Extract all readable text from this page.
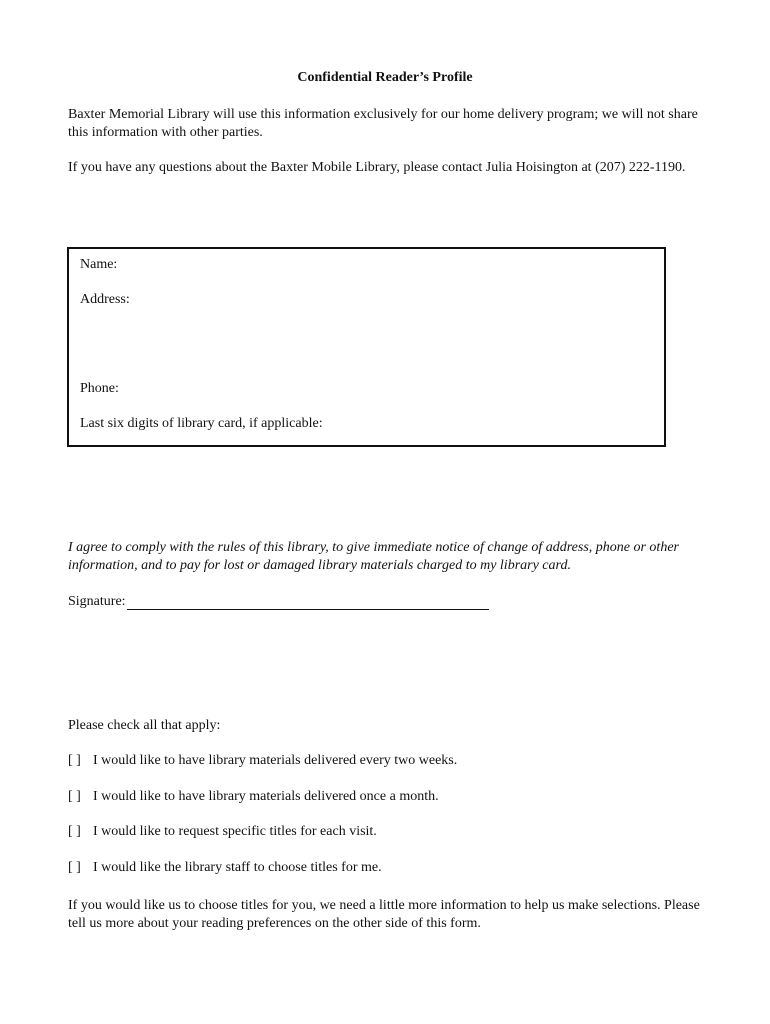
Confidential Reader’s Profile
Baxter Memorial Library will use this information exclusively for our home delivery program; we will not share this information with other parties.
If you have any questions about the Baxter Mobile Library, please contact Julia Hoisington at (207) 222-1190.
Name:
Address:
Phone:
Last six digits of library card, if applicable:
I agree to comply with the rules of this library, to give immediate notice of change of address, phone or other information, and to pay for lost or damaged library materials charged to my library card.
Signature:
Please check all that apply:
[ ] I would like to have library materials delivered every two weeks.
[ ] I would like to have library materials delivered once a month.
[ ] I would like to request specific titles for each visit.
[ ] I would like the library staff to choose titles for me.
If you would like us to choose titles for you, we need a little more information to help us make selections. Please tell us more about your reading preferences on the other side of this form.
